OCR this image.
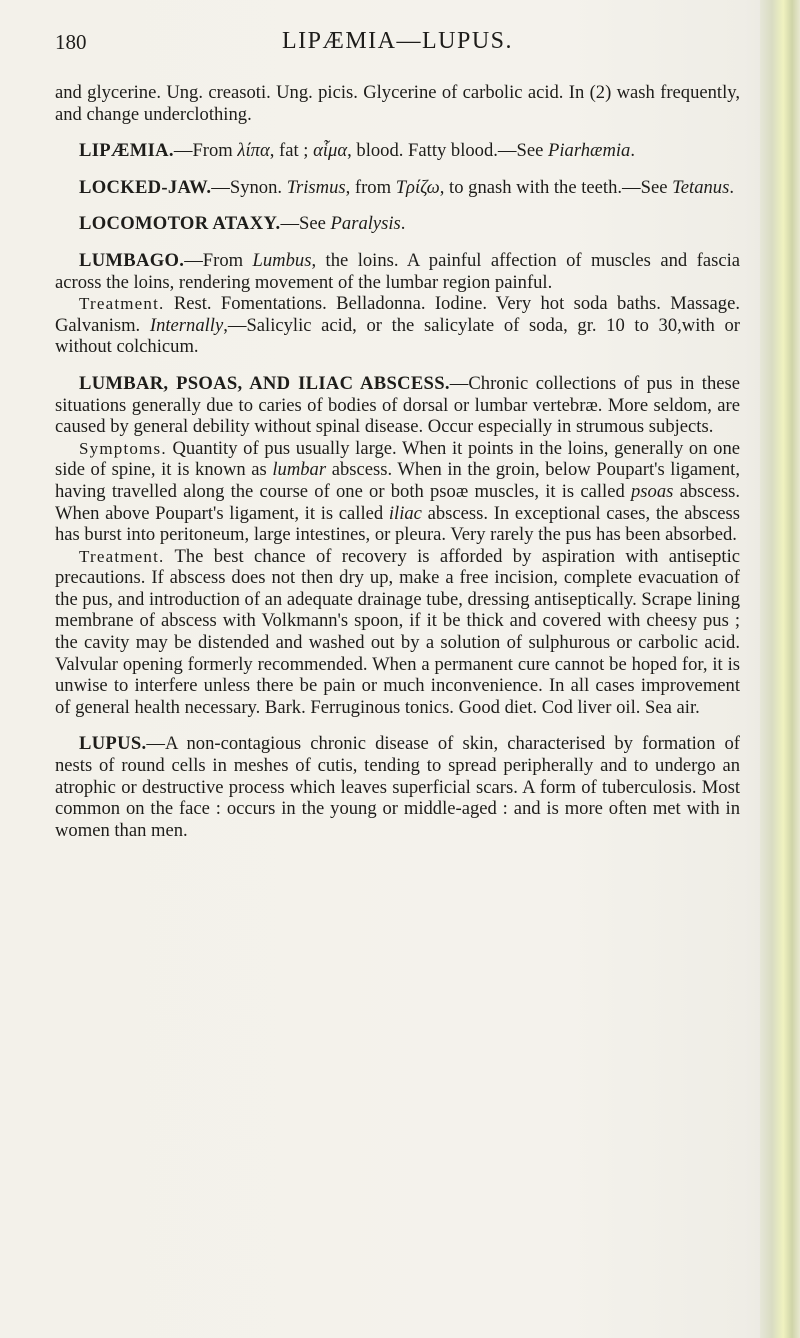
180	LIPÆMIA—LUPUS.

and glycerine. Ung. creasoti. Ung. picis. Glycerine of carbolic acid. In (2) wash frequently, and change underclothing.

LIPÆMIA.—From λίπα, fat ; αἷμα, blood. Fatty blood.—See Piarhæmia.

LOCKED-JAW.—Synon. Trismus, from Τρίζω, to gnash with the teeth.—See Tetanus.

LOCOMOTOR ATAXY.—See Paralysis.

LUMBAGO.—From Lumbus, the loins. A painful affection of muscles and fascia across the loins, rendering movement of the lumbar region painful.

Treatment. Rest. Fomentations. Belladonna. Iodine. Very hot soda baths. Massage. Galvanism. Internally,—Salicylic acid, or the salicylate of soda, gr. 10 to 30,with or without colchicum.

LUMBAR, PSOAS, AND ILIAC ABSCESS.—Chronic collections of pus in these situations generally due to caries of bodies of dorsal or lumbar vertebræ. More seldom, are caused by general debility without spinal disease. Occur especially in strumous subjects.

Symptoms. Quantity of pus usually large. When it points in the loins, generally on one side of spine, it is known as lumbar abscess. When in the groin, below Poupart's ligament, having travelled along the course of one or both psoæ muscles, it is called psoas abscess. When above Poupart's ligament, it is called iliac abscess. In exceptional cases, the abscess has burst into peritoneum, large intestines, or pleura. Very rarely the pus has been absorbed.

Treatment. The best chance of recovery is afforded by aspiration with antiseptic precautions. If abscess does not then dry up, make a free incision, complete evacuation of the pus, and introduction of an adequate drainage tube, dressing antiseptically. Scrape lining membrane of abscess with Volkmann's spoon, if it be thick and covered with cheesy pus ; the cavity may be distended and washed out by a solution of sulphurous or carbolic acid. Valvular opening formerly recommended. When a permanent cure cannot be hoped for, it is unwise to interfere unless there be pain or much inconvenience. In all cases improvement of general health necessary. Bark. Ferruginous tonics. Good diet. Cod liver oil. Sea air.

LUPUS.—A non-contagious chronic disease of skin, characterised by formation of nests of round cells in meshes of cutis, tending to spread peripherally and to undergo an atrophic or destructive process which leaves superficial scars. A form of tuberculosis. Most common on the face : occurs in the young or middle-aged : and is more often met with in women than men.
